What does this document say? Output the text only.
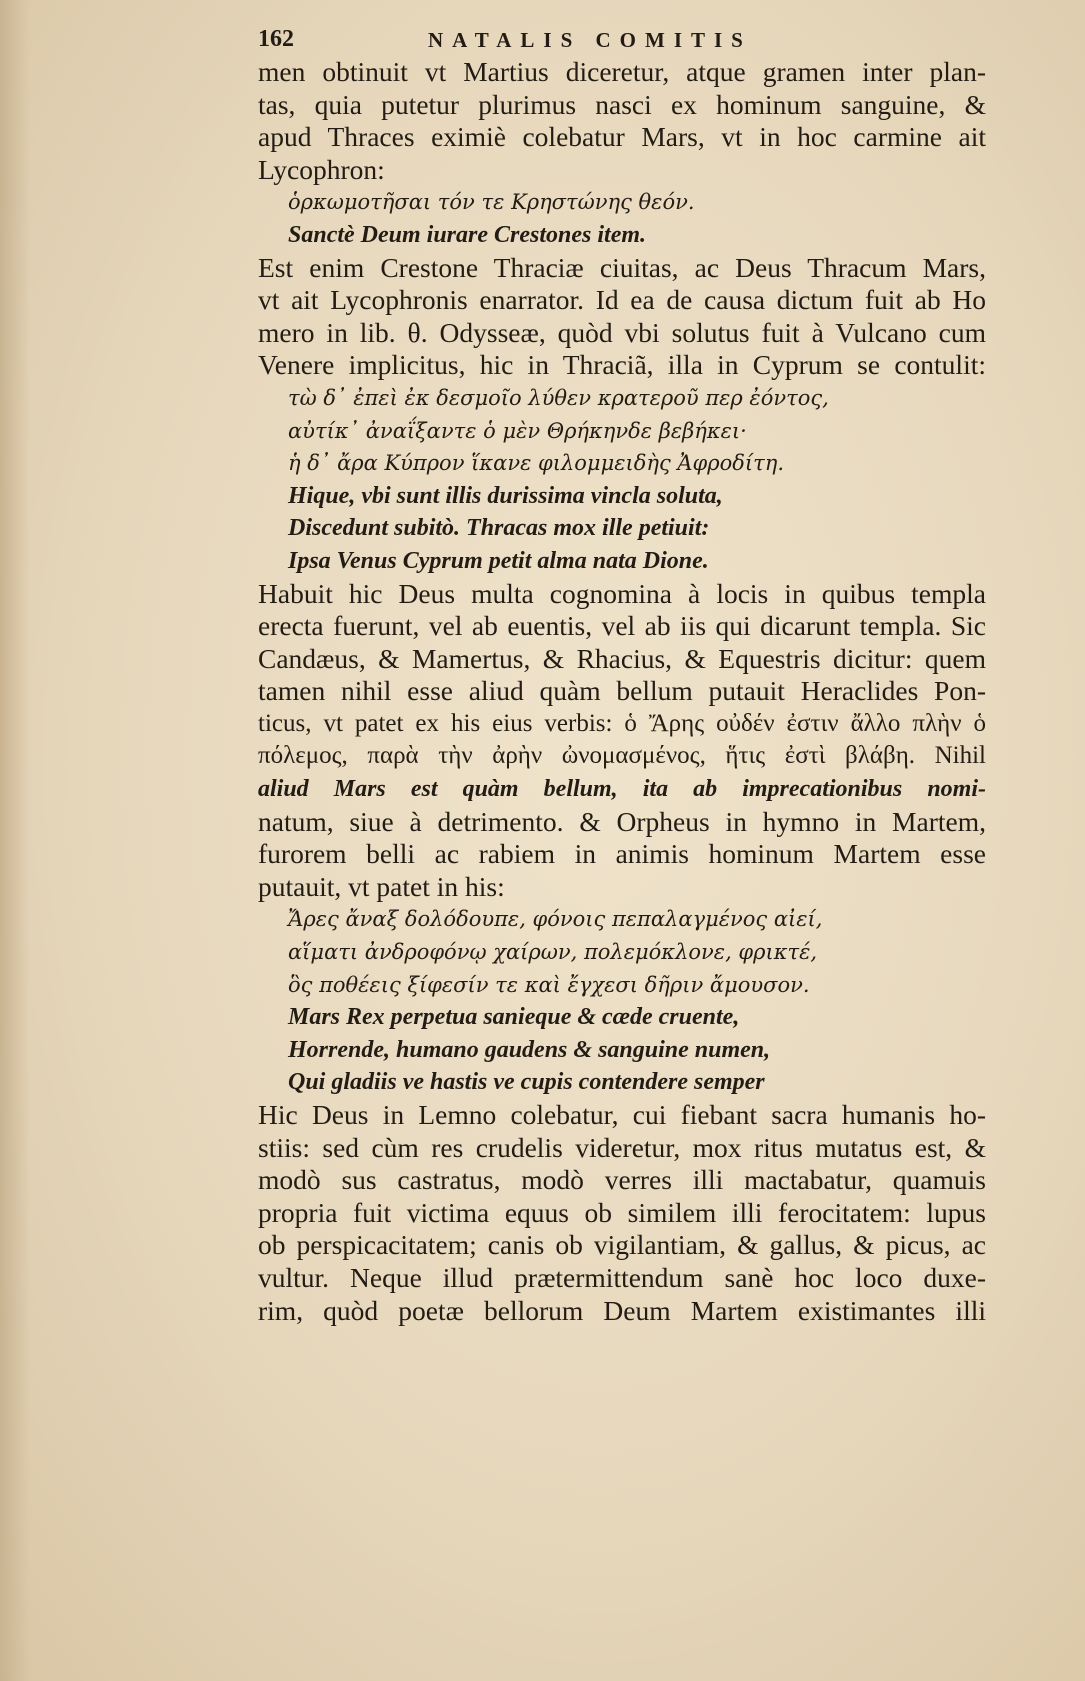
162	NATALIS COMITIS
men obtinuit vt Martius diceretur, atque gramen inter plan-
tas, quia putetur plurimus nasci ex hominum sanguine, &
apud Thraces eximiè colebatur Mars, vt in hoc carmine ait
Lycophron:
ὁρκωμοτῆσαι τόν τε Κρηστώνης θεόν.
Sanctè Deum iurare Crestones item.
Est enim Crestone Thraciæ ciuitas, ac Deus Thracum Mars,
vt ait Lycophronis enarrator. Id ea de causa dictum fuit ab Ho
mero in lib. θ. Odysseæ, quòd vbi solutus fuit à Vulcano cum
Venere implicitus, hic in Thraciã, illa in Cyprum se contulit:
τὼ δ᾽ ἐπεὶ ἐκ δεσμοῖο λύθεν κρατεροῦ περ ἐόντος,
αὐτίκ᾽ ἀναΐξαντε ὁ μὲν Θρήκηνδε βεβήκει·
ἡ δ᾽ ἄρα Κύπρον ἵκανε φιλομμειδὴς Ἀφροδίτη.
Hique, vbi sunt illis durissima vincla soluta,
Discedunt subitò. Thracas mox ille petiuit:
Ipsa Venus Cyprum petit alma nata Dione.
Habuit hic Deus multa cognomina à locis in quibus templa
erecta fuerunt, vel ab euentis, vel ab iis qui dicarunt templa. Sic
Candæus, & Mamertus, & Rhacius, & Equestris dicitur: quem
tamen nihil esse aliud quàm bellum putauit Heraclides Pon-
ticus, vt patet ex his eius verbis: ὁ Ἄρης οὐδέν ἐστιν ἄλλο πλὴν ὁ
πόλεμος, παρὰ τὴν ἀρὴν ὠνομασμένος, ἥτις ἐστὶ βλάβη. Nihil
aliud Mars est quàm bellum, ita ab imprecationibus nomi-
natum, siue à detrimento. & Orpheus in hymno in Martem,
furorem belli ac rabiem in animis hominum Martem esse
putauit, vt patet in his:
Ἄρες ἄναξ δολόδουπε, φόνοις πεπαλαγμένος αἰεί,
αἵματι ἀνδροφόνῳ χαίρων, πολεμόκλονε, φρικτέ,
ὃς ποθέεις ξίφεσίν τε καὶ ἔγχεσι δῆριν ἄμουσον.
Mars Rex perpetua sanieque & cæde cruente,
Horrende, humano gaudens & sanguine numen,
Qui gladiis ve hastis ve cupis contendere semper
Hic Deus in Lemno colebatur, cui fiebant sacra humanis ho-
stiis: sed cùm res crudelis videretur, mox ritus mutatus est, &
modò sus castratus, modò verres illi mactabatur, quamuis
propria fuit victima equus ob similem illi ferocitatem: lupus
ob perspicacitatem; canis ob vigilantiam, & gallus, & picus, ac
vultur. Neque illud prætermittendum sanè hoc loco duxe-
rim, quòd poetæ bellorum Deum Martem existimantes illi
